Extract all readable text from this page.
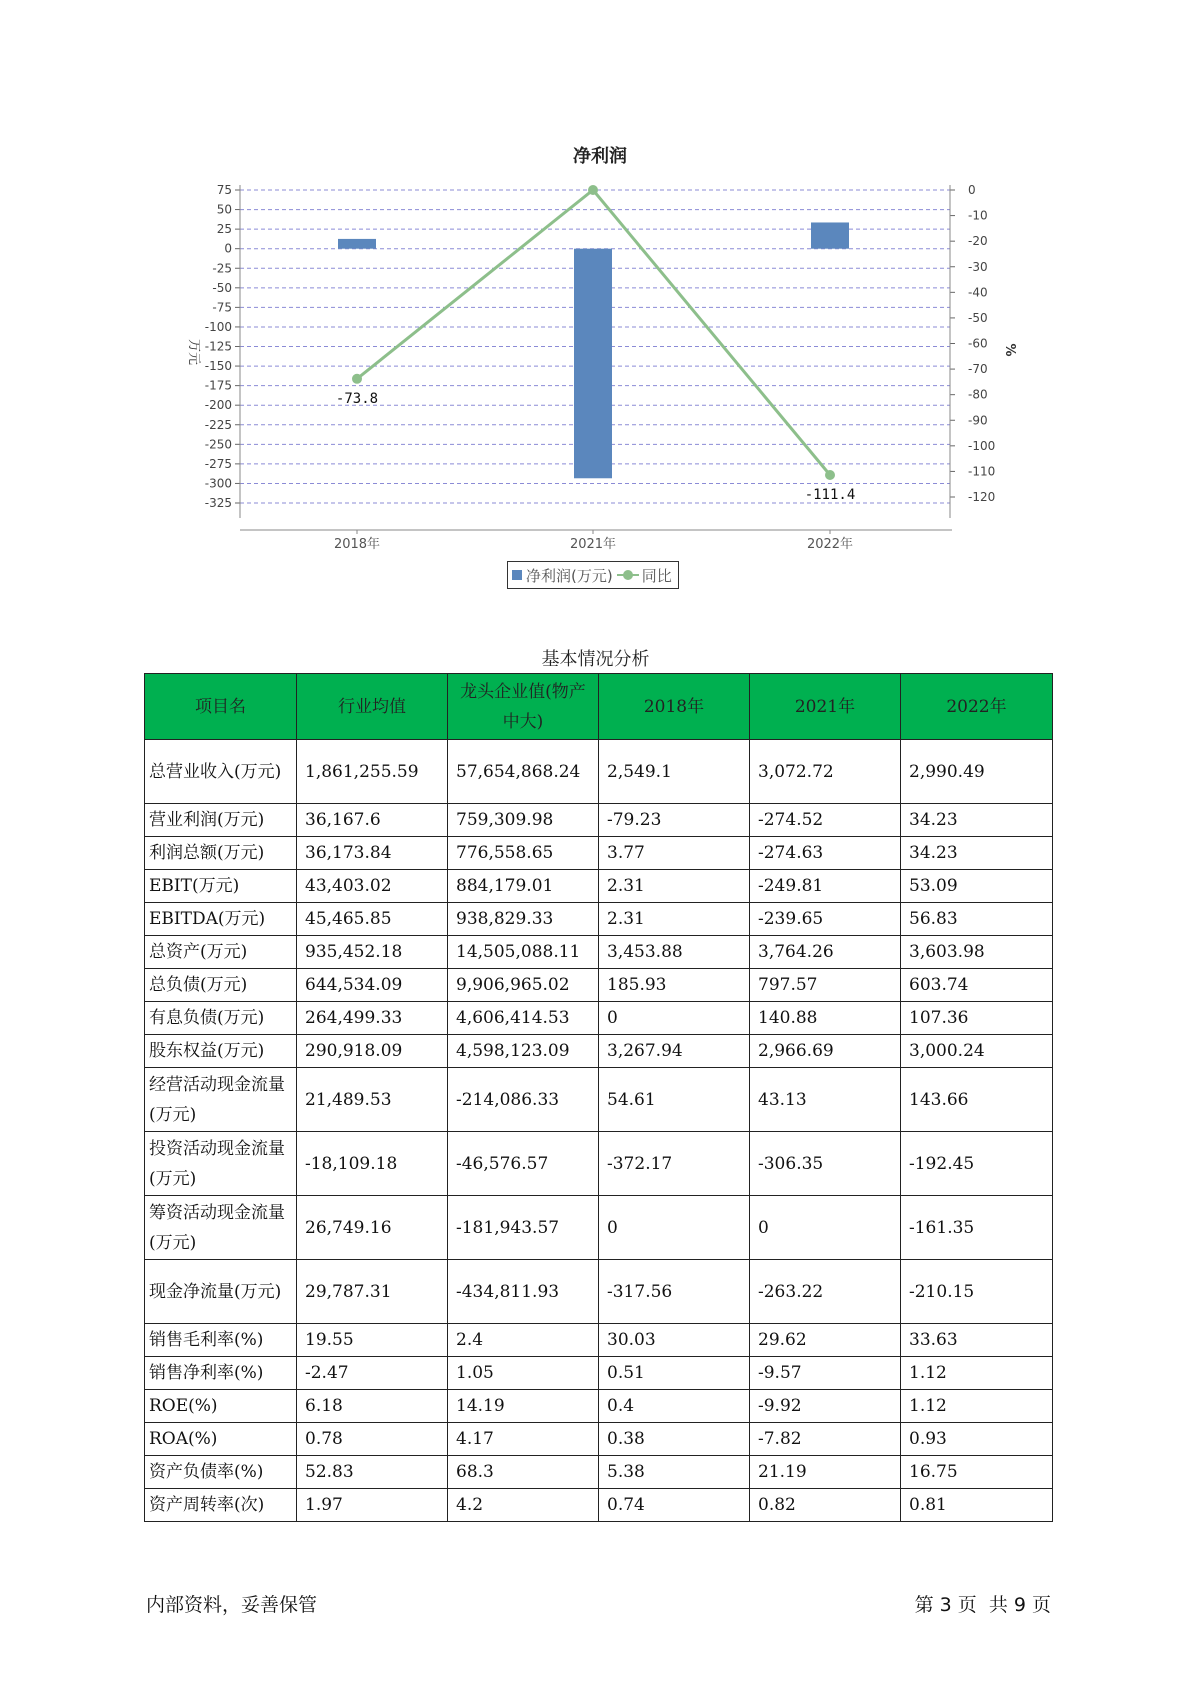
净利润
75
50
25
0
-25
-50
-75
-100
-125
-150
-175
-200
-225
-250
-275
-300
-325
0
-10
-20
-30
-40
-50
-60
-70
-80
-90
-100
-110
-120
万元	%
-73.8
-111.4
2018年	2021年	2022年
净利润(万元) 同比
基本情况分析
项目名	行业均值	龙头企业值(物产中大)	2018年	2021年	2022年
总营业收入(万元)	1,861,255.59	57,654,868.24	2,549.1	3,072.72	2,990.49
营业利润(万元)	36,167.6	759,309.98	-79.23	-274.52	34.23
利润总额(万元)	36,173.84	776,558.65	3.77	-274.63	34.23
EBIT(万元)	43,403.02	884,179.01	2.31	-249.81	53.09
EBITDA(万元)	45,465.85	938,829.33	2.31	-239.65	56.83
总资产(万元)	935,452.18	14,505,088.11	3,453.88	3,764.26	3,603.98
总负债(万元)	644,534.09	9,906,965.02	185.93	797.57	603.74
有息负债(万元)	264,499.33	4,606,414.53	0	140.88	107.36
股东权益(万元)	290,918.09	4,598,123.09	3,267.94	2,966.69	3,000.24
经营活动现金流量(万元)	21,489.53	-214,086.33	54.61	43.13	143.66
投资活动现金流量(万元)	-18,109.18	-46,576.57	-372.17	-306.35	-192.45
筹资活动现金流量(万元)	26,749.16	-181,943.57	0	0	-161.35
现金净流量(万元)	29,787.31	-434,811.93	-317.56	-263.22	-210.15
销售毛利率(%)	19.55	2.4	30.03	29.62	33.63
销售净利率(%)	-2.47	1.05	0.51	-9.57	1.12
ROE(%)	6.18	14.19	0.4	-9.92	1.12
ROA(%)	0.78	4.17	0.38	-7.82	0.93
资产负债率(%)	52.83	68.3	5.38	21.19	16.75
资产周转率(次)	1.97	4.2	0.74	0.82	0.81
内部资料，妥善保管	第 3 页  共 9 页
